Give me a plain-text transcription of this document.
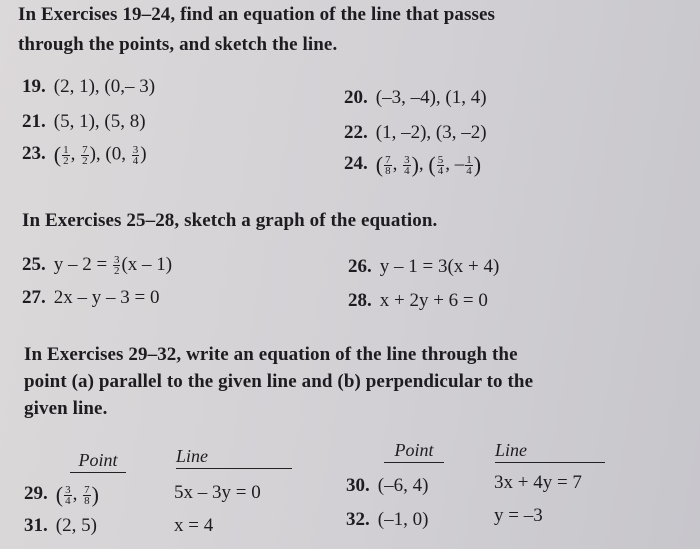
In Exercises 19–24, find an equation of the line that passes
through the points, and sketch the line.
19. (2, 1), (0,– 3)
20. (–3, –4), (1, 4)
21. (5, 1), (5, 8)
22. (1, –2), (3, –2)
23. ( $\frac{1}{2}$ , $\frac{7}{2}$ ), (0, $\frac{3}{4}$ )	24. ( $\frac{7}{8}$ , $\frac{3}{4}$ ), ( $\frac{5}{4}$ , – $\frac{1}{4}$ )
In Exercises 25–28, sketch a graph of the equation.
25. $y - 2 = \frac{3}{2} (x - 1)$	26. y – 1 = 3(x + 4)
27. 2x – y – 3 = 0	28. x + 2y + 6 = 0
In Exercises 29–32, write an equation of the line through the
point (a) parallel to the given line and (b) perpendicular to the
given line.
Point	Line	Point	Line
29. ( $\frac{3}{4}$ , $\frac{7}{8}$ )	5x – 3y = 0	30. (–6, 4)	3x + 4y = 7
31. (2, 5)	x = 4	32. (–1, 0)	y = –3
